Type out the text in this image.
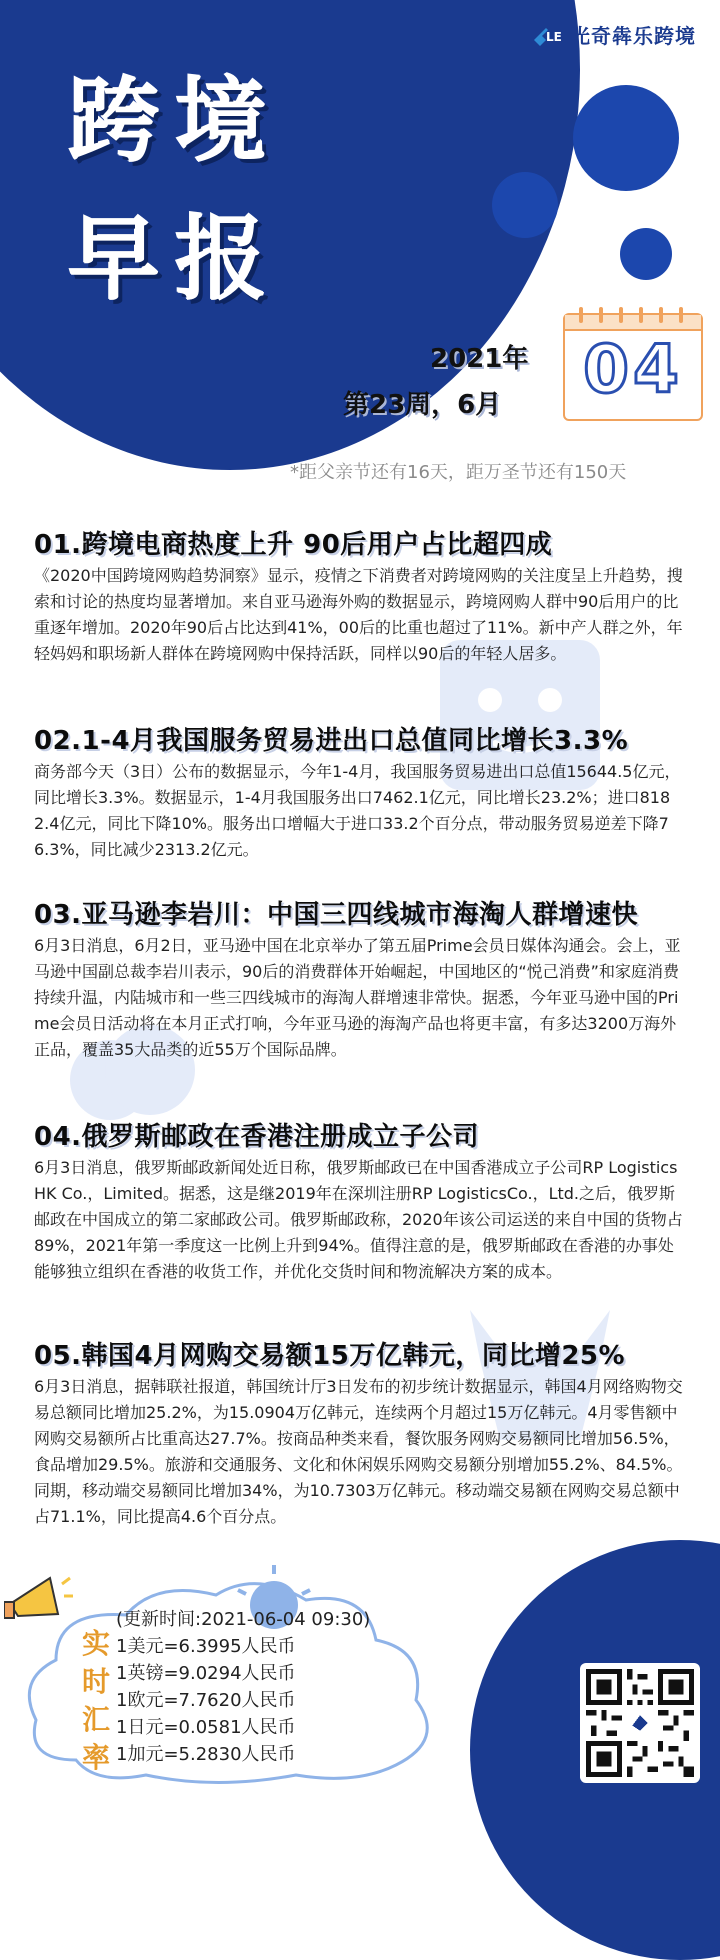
LE 光奇犇乐跨境
跨 境
早 报
2021年
第23周，6月 04
*距父亲节还有16天，距万圣节还有150天
01.跨境电商热度上升 90后用户占比超四成
《2020中国跨境网购趋势洞察》显示，疫情之下消费者对跨境网购的关注度呈上升趋势，搜索和讨论的热度均显著增加。来自亚马逊海外购的数据显示，跨境网购人群中90后用户的比重逐年增加。2020年90后占比达到41%，00后的比重也超过了11%。新中产人群之外，年轻妈妈和职场新人群体在跨境网购中保持活跃，同样以90后的年轻人居多。
02.1-4月我国服务贸易进出口总值同比增长3.3%
商务部今天（3日）公布的数据显示，今年1-4月，我国服务贸易进出口总值15644.5亿元，同比增长3.3%。数据显示，1-4月我国服务出口7462.1亿元，同比增长23.2%；进口8182.4亿元，同比下降10%。服务出口增幅大于进口33.2个百分点，带动服务贸易逆差下降76.3%，同比减少2313.2亿元。
03.亚马逊李岩川：中国三四线城市海淘人群增速快
6月3日消息，6月2日，亚马逊中国在北京举办了第五届Prime会员日媒体沟通会。会上，亚马逊中国副总裁李岩川表示，90后的消费群体开始崛起，中国地区的“悦己消费”和家庭消费持续升温，内陆城市和一些三四线城市的海淘人群增速非常快。据悉，今年亚马逊中国的Prime会员日活动将在本月正式打响，今年亚马逊的海淘产品也将更丰富，有多达3200万海外正品，覆盖35大品类的近55万个国际品牌。
04.俄罗斯邮政在香港注册成立子公司
6月3日消息，俄罗斯邮政新闻处近日称，俄罗斯邮政已在中国香港成立子公司RP Logistics HK Co.，Limited。据悉，这是继2019年在深圳注册RP LogisticsCo.，Ltd.之后，俄罗斯邮政在中国成立的第二家邮政公司。俄罗斯邮政称，2020年该公司运送的来自中国的货物占89%，2021年第一季度这一比例上升到94%。值得注意的是，俄罗斯邮政在香港的办事处能够独立组织在香港的收货工作，并优化交货时间和物流解决方案的成本。
05.韩国4月网购交易额15万亿韩元，同比增25%
6月3日消息，据韩联社报道，韩国统计厅3日发布的初步统计数据显示，韩国4月网络购物交易总额同比增加25.2%，为15.0904万亿韩元，连续两个月超过15万亿韩元。4月零售额中网购交易额所占比重高达27.7%。按商品种类来看，餐饮服务网购交易额同比增加56.5%，食品增加29.5%。旅游和交通服务、文化和休闲娱乐网购交易额分别增加55.2%、84.5%。同期，移动端交易额同比增加34%，为10.7303万亿韩元。移动端交易额在网购交易总额中占71.1%，同比提高4.6个百分点。
实
时
汇
率
(更新时间:2021-06-04 09:30)
1美元=6.3995人民币
1英镑=9.0294人民币
1欧元=7.7620人民币
1日元=0.0581人民币
1加元=5.2830人民币
